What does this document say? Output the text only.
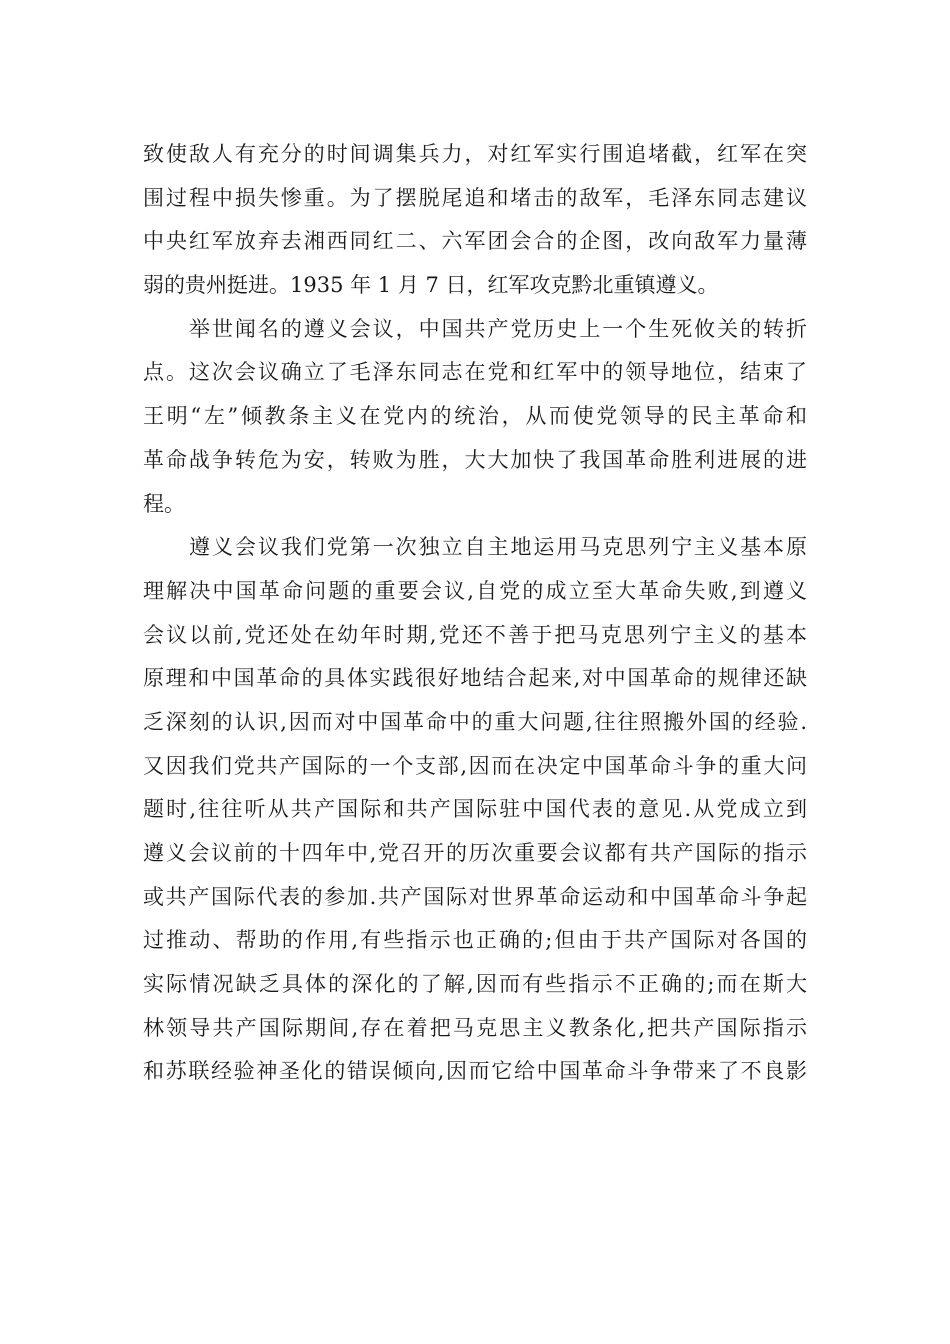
致使敌人有充分的时间调集兵力，对红军实行围追堵截，红军在突
围过程中损失惨重。为了摆脱尾追和堵击的敌军，毛泽东同志建议
中央红军放弃去湘西同红二、六军团会合的企图，改向敌军力量薄
弱的贵州挺进。1935 年 1 月 7 日，红军攻克黔北重镇遵义。
举世闻名的遵义会议，中国共产党历史上一个生死攸关的转折
点。这次会议确立了毛泽东同志在党和红军中的领导地位，结束了
王明“左”倾教条主义在党内的统治，从而使党领导的民主革命和
革命战争转危为安，转败为胜，大大加快了我国革命胜利进展的进
程。
遵义会议我们党第一次独立自主地运用马克思列宁主义基本原
理解决中国革命问题的重要会议,自党的成立至大革命失败,到遵义
会议以前,党还处在幼年时期,党还不善于把马克思列宁主义的基本
原理和中国革命的具体实践很好地结合起来,对中国革命的规律还缺
乏深刻的认识,因而对中国革命中的重大问题,往往照搬外国的经验.
又因我们党共产国际的一个支部,因而在决定中国革命斗争的重大问
题时,往往听从共产国际和共产国际驻中国代表的意见.从党成立到
遵义会议前的十四年中,党召开的历次重要会议都有共产国际的指示
或共产国际代表的参加.共产国际对世界革命运动和中国革命斗争起
过推动、帮助的作用,有些指示也正确的;但由于共产国际对各国的
实际情况缺乏具体的深化的了解,因而有些指示不正确的;而在斯大
林领导共产国际期间,存在着把马克思主义教条化,把共产国际指示
和苏联经验神圣化的错误倾向,因而它给中国革命斗争带来了不良影
